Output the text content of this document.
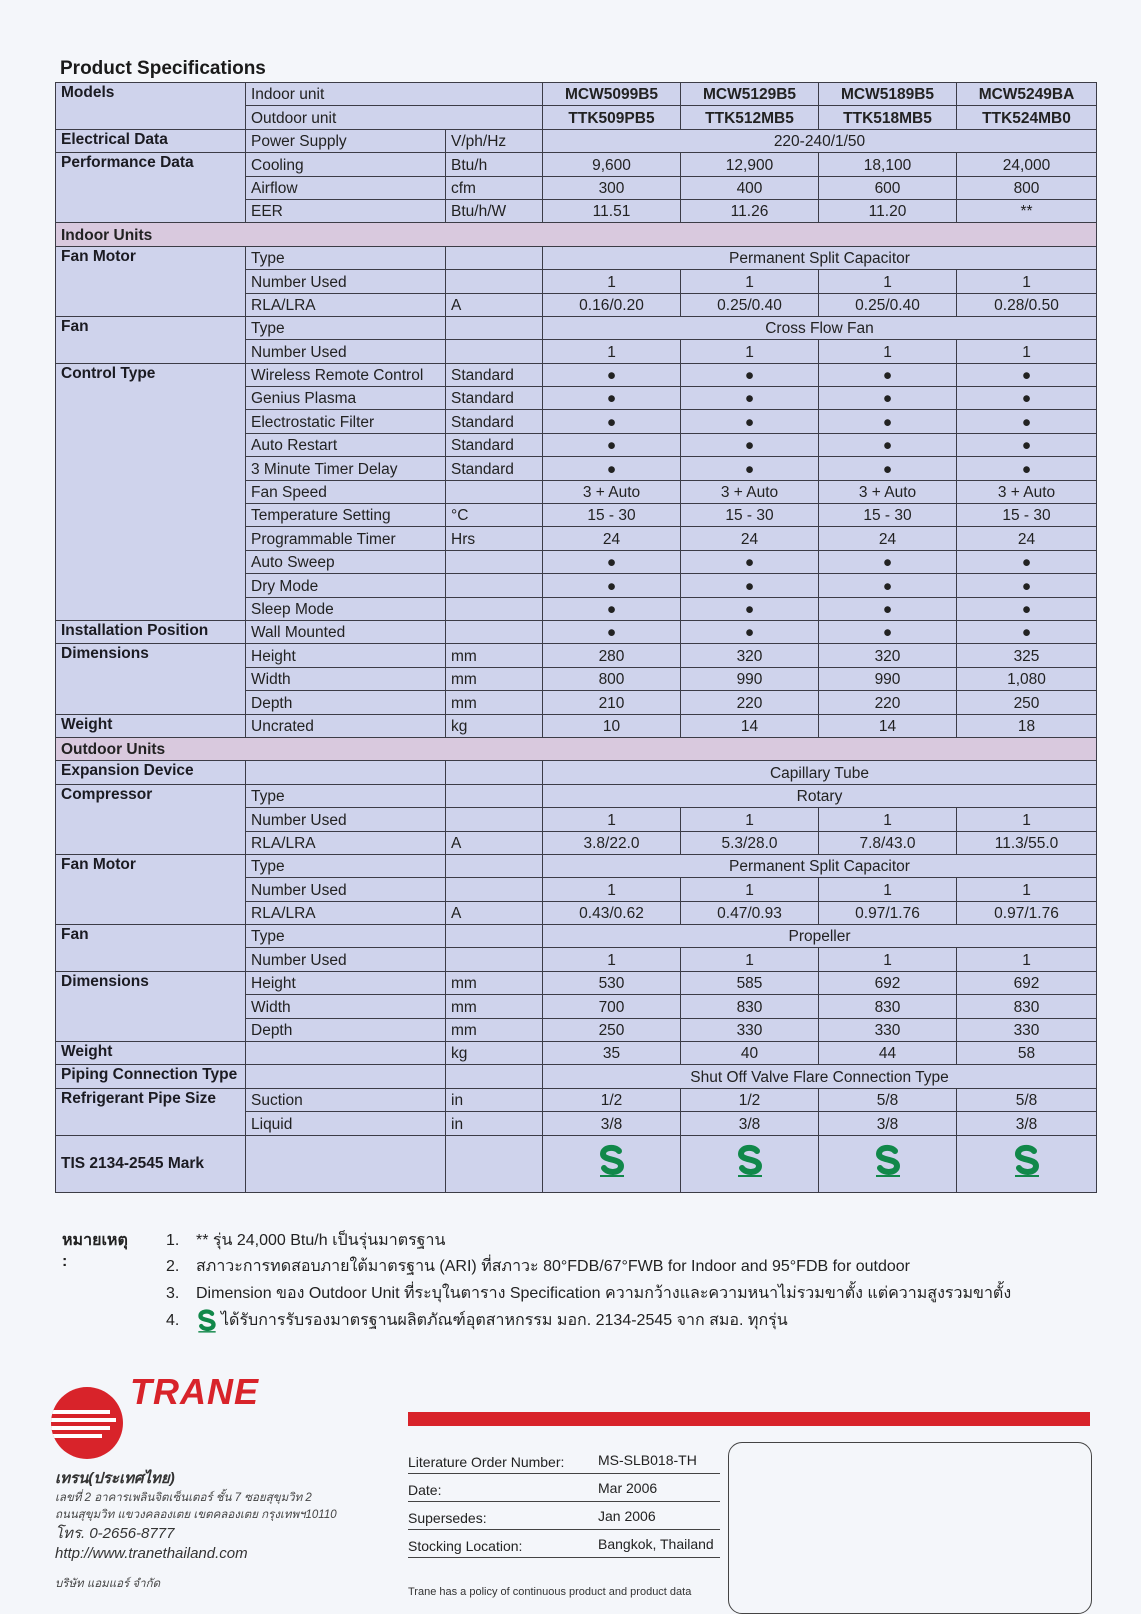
Product Specifications
Models	Indoor unit		MCW5099B5	MCW5129B5	MCW5189B5	MCW5249BA
	Outdoor unit		TTK509PB5	TTK512MB5	TTK518MB5	TTK524MB0
Electrical Data	Power Supply	V/ph/Hz	220-240/1/50			
Performance Data	Cooling	Btu/h	9,600	12,900	18,100	24,000
	Airflow	cfm	300	400	600	800
	EER	Btu/h/W	11.51	11.26	11.20	**
Indoor Units						
Fan Motor	Type		Permanent Split Capacitor			
	Number Used		1	1	1	1
	RLA/LRA	A	0.16/0.20	0.25/0.40	0.25/0.40	0.28/0.50
Fan	Type		Cross Flow Fan			
	Number Used		1	1	1	1
Control Type	Wireless Remote Control	Standard	●	●	●	●
	Genius Plasma	Standard	●	●	●	●
	Electrostatic Filter	Standard	●	●	●	●
	Auto Restart	Standard	●	●	●	●
	3 Minute Timer Delay	Standard	●	●	●	●
	Fan Speed		3 + Auto	3 + Auto	3 + Auto	3 + Auto
	Temperature Setting	°C	15 - 30	15 - 30	15 - 30	15 - 30
	Programmable Timer	Hrs	24	24	24	24
	Auto Sweep		●	●	●	●
	Dry Mode		●	●	●	●
	Sleep Mode		●	●	●	●
Installation Position	Wall Mounted		●	●	●	●
Dimensions	Height	mm	280	320	320	325
	Width	mm	800	990	990	1,080
	Depth	mm	210	220	220	250
Weight	Uncrated	kg	10	14	14	18
Outdoor Units						
Expansion Device			Capillary Tube			
Compressor	Type		Rotary			
	Number Used		1	1	1	1
	RLA/LRA	A	3.8/22.0	5.3/28.0	7.8/43.0	11.3/55.0
Fan Motor	Type		Permanent Split Capacitor			
	Number Used		1	1	1	1
	RLA/LRA	A	0.43/0.62	0.47/0.93	0.97/1.76	0.97/1.76
Fan	Type		Propeller			
	Number Used		1	1	1	1
Dimensions	Height	mm	530	585	692	692
	Width	mm	700	830	830	830
	Depth	mm	250	330	330	330
Weight		kg	35	40	44	58
Piping Connection Type			Shut Off Valve Flare Connection Type			
Refrigerant Pipe Size	Suction	in	1/2	1/2	5/8	5/8
	Liquid	in	3/8	3/8	3/8	3/8
TIS 2134-2545 Mark						
หมายเหตุ :
1. ** รุ่น 24,000 Btu/h เป็นรุ่นมาตรฐาน
2. สภาวะการทดสอบภายใต้มาตรฐาน (ARI) ที่สภาวะ 80°FDB/67°FWB for Indoor and 95°FDB for outdoor
3. Dimension ของ Outdoor Unit ที่ระบุในตาราง Specification ความกว้างและความหนาไม่รวมขาตั้ง แต่ความสูงรวมขาตั้ง
4.	ได้รับการรับรองมาตรฐานผลิตภัณฑ์อุตสาหกรรม มอก. 2134-2545 จาก สมอ. ทุกรุ่น
TRANE
เทรน(ประเทศไทย)
เลขที่ 2 อาคารเพลินจิตเซ็นเตอร์ ชั้น 7 ซอยสุขุมวิท 2
ถนนสุขุมวิท แขวงคลองเตย เขตคลองเตย กรุงเทพฯ10110
โทร. 0-2656-8777
http://www.tranethailand.com
บริษัท แอมแอร์ จำกัด
Literature Order Number: MS-SLB018-TH
Date:	Mar 2006
Supersedes:	Jan 2006
Stocking Location:	Bangkok, Thailand
Trane has a policy of continuous product and product data
